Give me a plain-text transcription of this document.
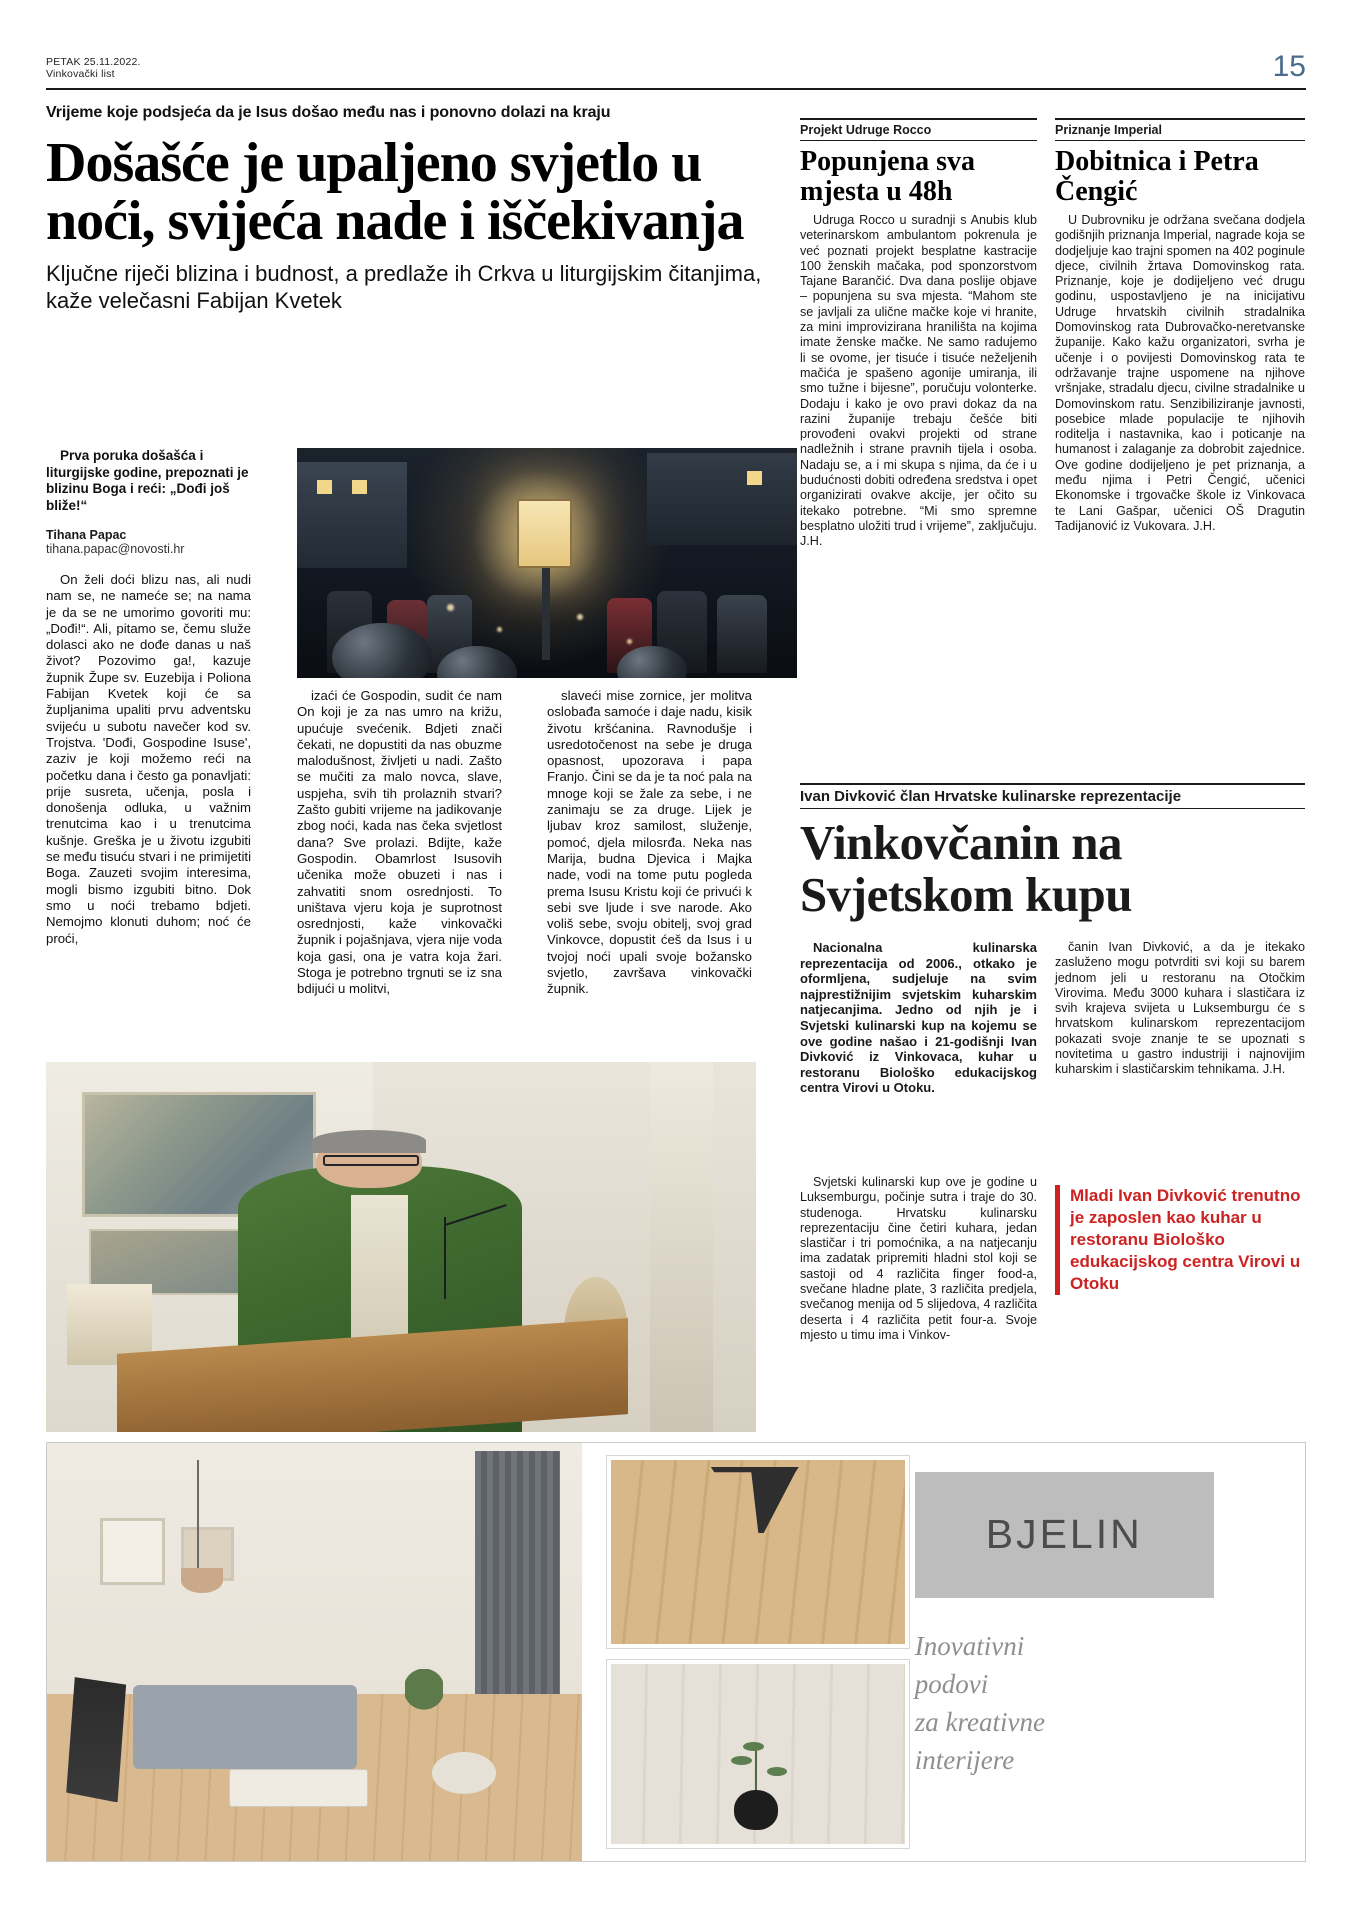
PETAK 25.11.2022.
Vinkovački list	15
Vrijeme koje podsjeća da je Isus došao među nas i ponovno dolazi na kraju
Došašće je upaljeno svjetlo u noći, svijeća nade i iščekivanja
Ključne riječi blizina i budnost, a predlaže ih Crkva u liturgijskim čitanjima, kaže velečasni Fabijan Kvetek
Prva poruka došašća i liturgijske godine, prepoznati je blizinu Boga i reći: „Dođi još bliže!“
Tihana Papac
tihana.papac@novosti.hr

On želi doći blizu nas, ali nudi nam se, ne nameće se; na nama je da se ne umorimo govoriti mu: „Dođi!“. Ali, pitamo se, čemu služe dolasci ako ne dođe danas u naš život? Pozovimo ga!, kazuje župnik Župe sv. Euzebija i Poliona Fabijan Kvetek koji će sa župljanima upaliti prvu adventsku svijeću u subotu navečer kod sv. Trojstva. 'Dođi, Gospodine Isuse', zaziv je koji možemo reći na početku dana i često ga ponavljati: prije susreta, učenja, posla i donošenja odluka, u važnim trenutcima kao i u trenutcima kušnje. Greška je u životu izgubiti se među tisuću stvari i ne primijetiti Boga. Zauzeti svojim interesima, mogli bismo izgubiti bitno. Dok smo u noći trebamo bdjeti. Nemojmo klonuti duhom; noć će proći,

izaći će Gospodin, sudit će nam On koji je za nas umro na križu, upućuje svećenik. Bdjeti znači čekati, ne dopustiti da nas obuzme malodušnost, življeti u nadi. Zašto se mučiti za malo novca, slave, uspjeha, svih tih prolaznih stvari? Zašto gubiti vrijeme na jadikovanje zbog noći, kada nas čeka svjetlost dana? Sve prolazi. Bdijte, kaže Gospodin. Obamrlost Isusovih učenika može obuzeti i nas i zahvatiti snom osrednjosti. To uništava vjeru koja je suprotnost osrednjosti, kaže vinkovački župnik i pojašnjava, vjera nije voda koja gasi, ona je vatra koja žari. Stoga je potrebno trgnuti se iz sna bdijući u molitvi,

slaveći mise zornice, jer molitva oslobađa samoće i daje nadu, kisik životu kršćanina. Ravnodušje i usredotočenost na sebe je druga opasnost, upozorava i papa Franjo. Čini se da je ta noć pala na mnoge koji se žale za sebe, i ne zanimaju se za druge. Lijek je ljubav kroz samilost, služenje, pomoć, djela milosrđa. Neka nas Marija, budna Djevica i Majka nade, vodi na tome putu pogleda prema Isusu Kristu koji će privući k sebi sve ljude i sve narode. Ako voliš sebe, svoju obitelj, svoj grad Vinkovce, dopustit ćeš da Isus i u tvojoj noći upali svoje božansko svjetlo, završava vinkovački župnik.

Projekt Udruge Rocco
Popunjena sva mjesta u 48h

Udruga Rocco u suradnji s Anubis klub veterinarskom ambulantom pokrenula je već poznati projekt besplatne kastracije 100 ženskih mačaka, pod sponzorstvom Tajane Barančić. Dva dana poslije objave – popunjena su sva mjesta. “Mahom ste se javljali za ulične mačke koje vi hranite, za mini improvizirana hranilišta na kojima imate ženske mačke. Ne samo radujemo li se ovome, jer tisuće i tisuće neželjenih mačića je spašeno agonije umiranja, ili smo tužne i bijesne”, poručuju volonterke. Dodaju i kako je ovo pravi dokaz da na razini županije trebaju češće biti provođeni ovakvi projekti od strane nadležnih i strane pravnih tijela i osoba. Nadaju se, a i mi skupa s njima, da će i u budućnosti dobiti određena sredstva i opet organizirati ovakve akcije, jer očito su itekako potrebne. “Mi smo spremne besplatno uložiti trud i vrijeme”, zaključuju. J.H.

Priznanje Imperial
Dobitnica i Petra Čengić

U Dubrovniku je održana svečana dodjela godišnjih priznanja Imperial, nagrade koja se dodjeljuje kao trajni spomen na 402 poginule djece, civilnih žrtava Domovinskog rata. Priznanje, koje je dodijeljeno već drugu godinu, uspostavljeno je na inicijativu Udruge hrvatskih civilnih stradalnika Domovinskog rata Dubrovačko-neretvanske županije. Kako kažu organizatori, svrha je učenje i o povijesti Domovinskog rata te održavanje trajne uspomene na njihove vršnjake, stradalu djecu, civilne stradalnike u Domovinskom ratu. Senzibiliziranje javnosti, posebice mlade populacije te njihovih roditelja i nastavnika, kao i poticanje na humanost i zalaganje za dobrobit zajednice. Ove godine dodijeljeno je pet priznanja, a među njima i Petri Čengić, učenici Ekonomske i trgovačke škole iz Vinkovaca te Lani Gašpar, učenici OŠ Dragutin Tadijanović iz Vukovara. J.H.

Ivan Divković član Hrvatske kulinarske reprezentacije
Vinkovčanin na Svjetskom kupu

Nacionalna kulinarska reprezentacija od 2006., otkako je oformljena, sudjeluje na svim najprestižnijim svjetskim kuharskim natjecanjima. Jedno od njih je i Svjetski kulinarski kup na kojemu se ove godine našao i 21-godišnji Ivan Divković iz Vinkovaca, kuhar u restoranu Biološko edukacijskog centra Virovi u Otoku.

Svjetski kulinarski kup ove je godine u Luksemburgu, počinje sutra i traje do 30. studenoga. Hrvatsku kulinarsku reprezentaciju čine četiri kuhara, jedan slastičar i tri pomoćnika, a na natjecanju ima zadatak pripremiti hladni stol koji se sastoji od 4 različita finger food-a, svečane hladne plate, 3 različita predjela, svečanog menija od 5 slijedova, 4 različita deserta i 4 različita petit four-a. Svoje mjesto u timu ima i Vinkov-

čanin Ivan Divković, a da je itekako zasluženo mogu potvrditi svi koji su barem jednom jeli u restoranu na Otočkim Virovima. Među 3000 kuhara i slastičara iz svih krajeva svijeta u Luksemburgu će s hrvatskom kulinarskom reprezentacijom pokazati svoje znanje te se upoznati s novitetima u gastro industriji i najnovijim kuharskim i slastičarskim tehnikama. J.H.

Mladi Ivan Divković trenutno je zaposlen kao kuhar u restoranu Biološko edukacijskog centra Virovi u Otoku
BJELIN
Inovativni
podovi
za kreativne
interijere
